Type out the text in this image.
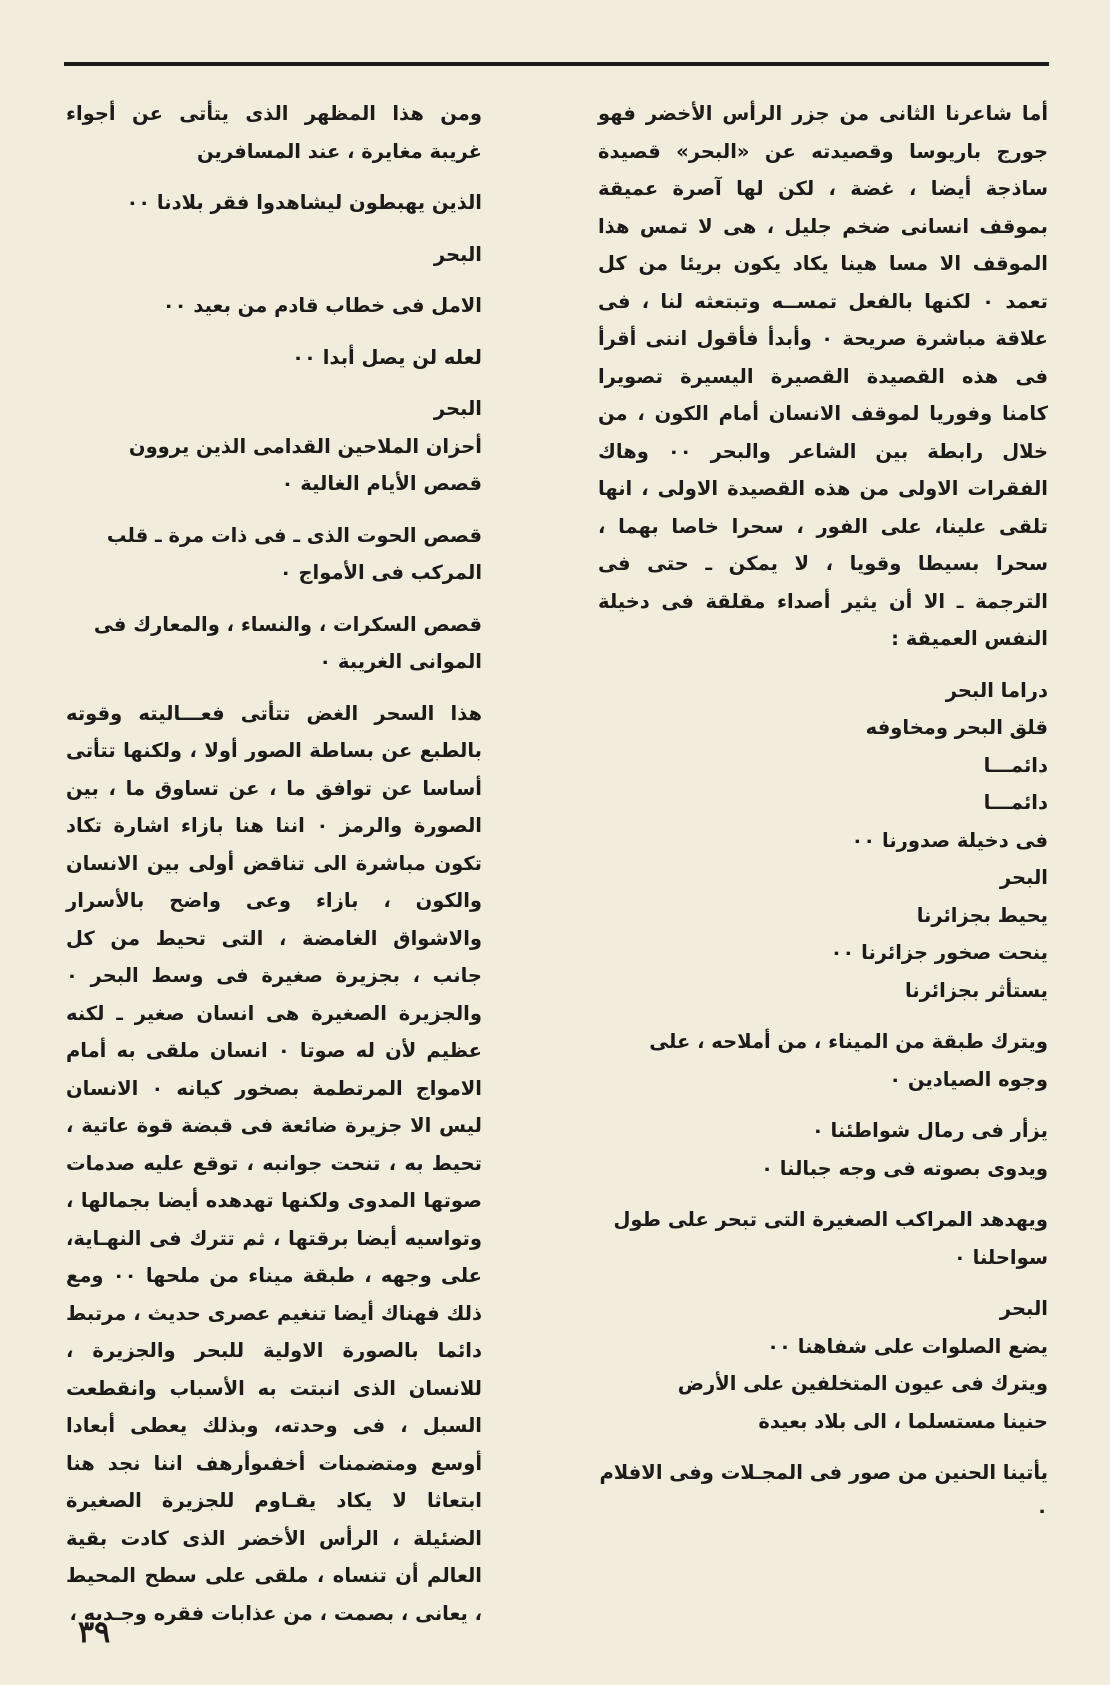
أما شاعرنا الثانى من جزر الرأس الأخضر فهو جورج باريوسا وقصيدته عن «البحر» قصيدة ساذجة أيضا ، غضة ، لكن لها آصرة عميقة بموقف انسانى ضخم جليل ، هى لا تمس هذا الموقف الا مسا هينا يكاد يكون بريئا من كل تعمد ٠ لكنها بالفعل تمســه وتبتعثه لنا ، فى علاقة مباشرة صريحة ٠ وأبدأ فأقول اننى أقرأ فى هذه القصيدة القصيرة اليسيرة تصويرا كامنا وفوريا لموقف الانسان أمام الكون ، من خلال رابطة بين الشاعر والبحر ٠٠ وهاك الفقرات الاولى من هذه القصيدة الاولى ، انها تلقى علينا، على الفور ، سحرا خاصا بهما ، سحرا بسيطا وقويا ، لا يمكن ـ حتى فى الترجمة ـ الا أن يثير أصداء مقلقة فى دخيلة النفس العميقة :

دراما البحر

قلق البحر ومخاوفه

دائمـــا

دائمـــا

فى دخيلة صدورنا ٠٠

البحر

يحيط بجزائرنا

ينحت صخور جزائرنا ٠٠

يستأثر بجزائرنا

ويترك طبقة من الميناء ، من أملاحه ، على وجوه الصيادين ٠

يزأر فى رمال شواطئنا ٠

ويدوى بصوته فى وجه جبالنا ٠

ويهدهد المراكب الصغيرة التى تبحر على طول سواحلنا ٠

البحر

يضع الصلوات على شفاهنا ٠٠

ويترك فى عيون المتخلفين على الأرض

حنينا مستسلما ، الى بلاد بعيدة

يأتينا الحنين من صور فى المجـلات وفى الافلام ٠

ومن هذا المظهر الذى يتأتى عن أجواء غريبة مغايرة ، عند المسافرين

الذين يهبطون ليشاهدوا فقر بلادنا ٠٠

البحر

الامل فى خطاب قادم من بعيد ٠٠

لعله لن يصل أبدا ٠٠

البحر

أحزان الملاحين القدامى الذين يروون قصص الأيام الغالية ٠

قصص الحوت الذى ـ فى ذات مرة ـ قلب المركب فى الأمواج ٠

قصص السكرات ، والنساء ، والمعارك فى الموانى الغريبة ٠

هذا السحر الغض تتأتى فعـــاليته وقوته بالطبع عن بساطة الصور أولا ، ولكنها تتأتى أساسا عن توافق ما ، عن تساوق ما ، بين الصورة والرمز ٠ اننا هنا بازاء اشارة تكاد تكون مباشرة الى تناقض أولى بين الانسان والكون ، بازاء وعى واضح بالأسرار والاشواق الغامضة ، التى تحيط من كل جانب ، بجزيرة صغيرة فى وسط البحر ٠ والجزيرة الصغيرة هى انسان صغير ـ لكنه عظيم لأن له صوتا ٠ انسان ملقى به أمام الامواج المرتطمة بصخور كيانه ٠ الانسان ليس الا جزيرة ضائعة فى قبضة قوة عاتية ، تحيط به ، تنحت جوانبه ، توقع عليه صدمات صوتها المدوى ولكنها تهدهده أيضا بجمالها ، وتواسيه أيضا برقتها ، ثم تترك فى النهـاية، على وجهه ، طبقة ميناء من ملحها ٠٠ ومع ذلك فهناك أيضا تنغيم عصرى حديث ، مرتبط دائما بالصورة الاولية للبحر والجزيرة ، للانسان الذى انبتت به الأسباب وانقطعت السبل ، فى وحدته، وبذلك يعطى أبعادا أوسع ومتضمنات أخفىوأرهف اننا نجد هنا ابتعاثا لا يكاد يقـاوم للجزيرة الصغيرة الضئيلة ، الرأس الأخضر الذى كادت بقية العالم أن تنساه ، ملقى على سطح المحيط ، يعانى ، بصمت ، من عذابات فقره وجـدبه ،

٣٩
